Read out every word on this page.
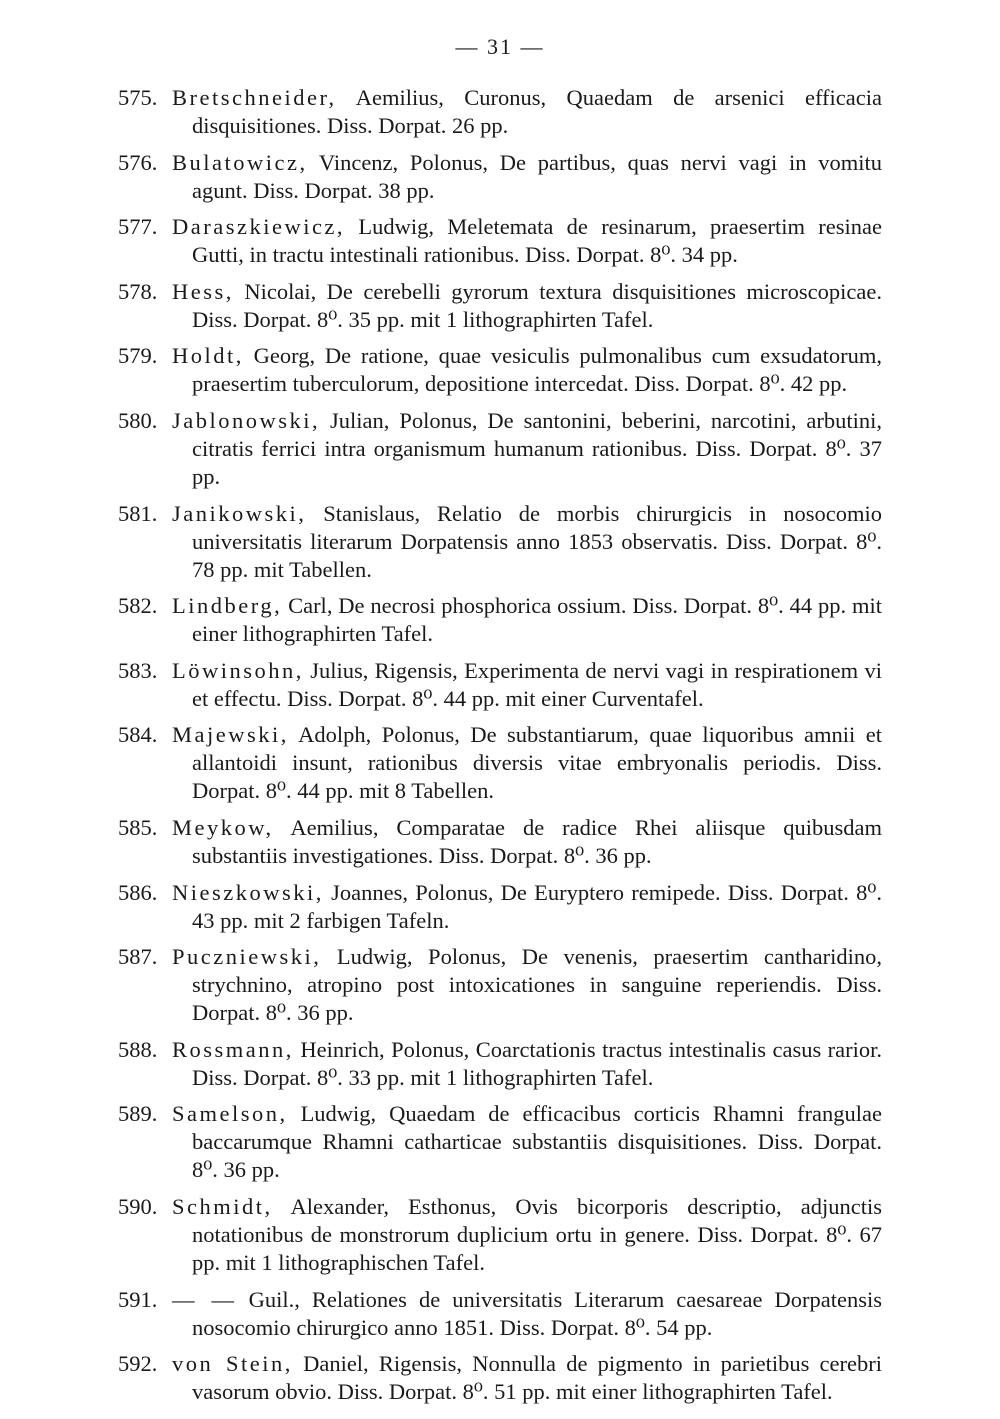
— 31 —
575. Bretschneider, Aemilius, Curonus, Quaedam de arsenici efficacia disquisitiones. Diss. Dorpat. 26 pp.
576. Bulatowicz, Vincenz, Polonus, De partibus, quas nervi vagi in vomitu agunt. Diss. Dorpat. 38 pp.
577. Daraszkiewicz, Ludwig, Meletemata de resinarum, praesertim resinae Gutti, in tractu intestinali rationibus. Diss. Dorpat. 8⁰. 34 pp.
578. Hess, Nicolai, De cerebelli gyrorum textura disquisitiones microscopicae. Diss. Dorpat. 8⁰. 35 pp. mit 1 lithographirten Tafel.
579. Holdt, Georg, De ratione, quae vesiculis pulmonalibus cum exsudatorum, praesertim tuberculorum, depositione intercedat. Diss. Dorpat. 8⁰. 42 pp.
580. Jablonowski, Julian, Polonus, De santonini, beberini, narcotini, arbutini, citratis ferrici intra organismum humanum rationibus. Diss. Dorpat. 8⁰. 37 pp.
581. Janikowski, Stanislaus, Relatio de morbis chirurgicis in nosocomio universitatis literarum Dorpatensis anno 1853 observatis. Diss. Dorpat. 8⁰. 78 pp. mit Tabellen.
582. Lindberg, Carl, De necrosi phosphorica ossium. Diss. Dorpat. 8⁰. 44 pp. mit einer lithographirten Tafel.
583. Löwinsohn, Julius, Rigensis, Experimenta de nervi vagi in respirationem vi et effectu. Diss. Dorpat. 8⁰. 44 pp. mit einer Curventafel.
584. Majewski, Adolph, Polonus, De substantiarum, quae liquoribus amnii et allantoidi insunt, rationibus diversis vitae embryonalis periodis. Diss. Dorpat. 8⁰. 44 pp. mit 8 Tabellen.
585. Meykow, Aemilius, Comparatae de radice Rhei aliisque quibusdam substantiis investigationes. Diss. Dorpat. 8⁰. 36 pp.
586. Nieszkowski, Joannes, Polonus, De Euryptero remipede. Diss. Dorpat. 8⁰. 43 pp. mit 2 farbigen Tafeln.
587. Puczniewski, Ludwig, Polonus, De venenis, praesertim cantharidino, strychnino, atropino post intoxicationes in sanguine reperiendis. Diss. Dorpat. 8⁰. 36 pp.
588. Rossmann, Heinrich, Polonus, Coarctationis tractus intestinalis casus rarior. Diss. Dorpat. 8⁰. 33 pp. mit 1 lithographirten Tafel.
589. Samelson, Ludwig, Quaedam de efficacibus corticis Rhamni frangulae baccarumque Rhamni catharticae substantiis disquisitiones. Diss. Dorpat. 8⁰. 36 pp.
590. Schmidt, Alexander, Esthonus, Ovis bicorporis descriptio, adjunctis notationibus de monstrorum duplicium ortu in genere. Diss. Dorpat. 8⁰. 67 pp. mit 1 lithographischen Tafel.
591. — — Guil., Relationes de universitatis Literarum caesareae Dorpatensis nosocomio chirurgico anno 1851. Diss. Dorpat. 8⁰. 54 pp.
592. von Stein, Daniel, Rigensis, Nonnulla de pigmento in parietibus cerebri vasorum obvio. Diss. Dorpat. 8⁰. 51 pp. mit einer lithographirten Tafel.
